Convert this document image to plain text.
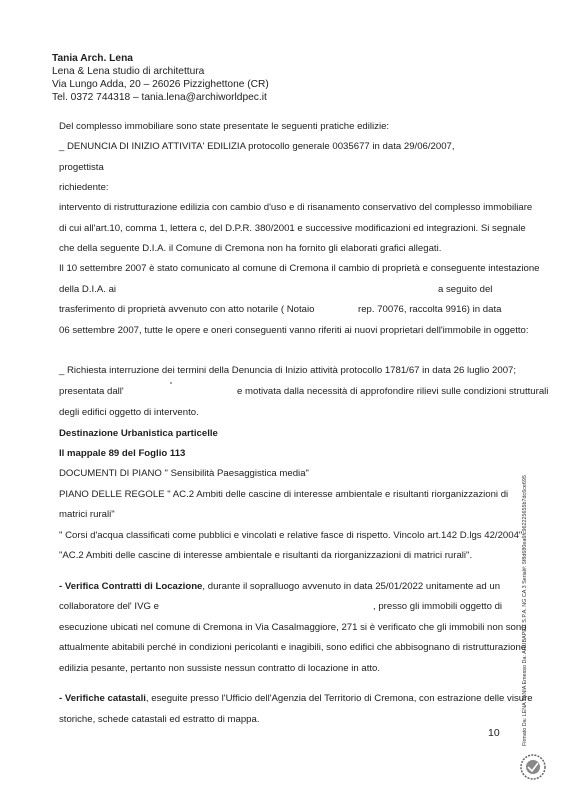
Tania Arch. Lena
Lena & Lena studio di architettura
Via Lungo Adda, 20 – 26026 Pizzighettone (CR)
Tel. 0372 744318 – tania.lena@archiworldpec.it
Del complesso immobiliare sono state presentate le seguenti pratiche edilizie:
_ DENUNCIA DI INIZIO ATTIVITA' EDILIZIA protocollo generale 0035677 in data 29/06/2007,
progettista
richiedente:
intervento di ristrutturazione edilizia con cambio d'uso e di risanamento conservativo del complesso immobiliare
di cui all'art.10, comma 1, lettera c, del D.P.R. 380/2001 e successive modificazioni ed integrazioni. Si segnale
che della seguente D.I.A. il Comune di Cremona non ha fornito gli elaborati grafici allegati.
Il 10 settembre 2007 è stato comunicato al comune di Cremona il cambio di proprietà e conseguente intestazione
della D.I.A. ai	a seguito del
trasferimento di proprietà avvenuto con atto notarile ( Notaio	rep. 70076, raccolta 9916) in data
06 settembre 2007, tutte le opere e oneri conseguenti vanno riferiti ai nuovi proprietari dell'immobile in oggetto:
_ Richiesta interruzione dei termini della Denuncia di Inizio attività protocollo 1781/67 in data 26 luglio 2007;
presentata dall'	e motivata dalla necessità di approfondire rilievi sulle condizioni strutturali
degli edifici oggetto di intervento.
Destinazione Urbanistica particelle
Il mappale 89 del Foglio 113
DOCUMENTI DI PIANO " Sensibilità Paesaggistica media"
PIANO DELLE REGOLE " AC.2 Ambiti delle cascine di interesse ambientale e risultanti riorganizzazioni di
matrici rurali"
" Corsi d'acqua classificati come pubblici e vincolati e relative fasce di rispetto. Vincolo art.142 D.lgs 42/2004"
"AC.2 Ambiti delle cascine di interesse ambientale e risultanti da riorganizzazioni di matrici rurali".
- Verifica Contratti di Locazione, durante il sopralluogo avvenuto in data 25/01/2022 unitamente ad un
collaboratore del' IVG e	, presso gli immobili oggetto di
esecuzione ubicati nel comune di Cremona in Via Casalmaggiore, 271 si è verificato che gli immobili non sono
attualmente abitabili perché in condizioni pericolanti e inagibili, sono edifici che abbisognano di ristrutturazione
edilizia pesante, pertanto non sussiste nessun contratto di locazione in atto.
- Verifiche catastali, eseguite presso l'Ufficio dell'Agenzia del Territorio di Cremona, con estrazione delle visure
storiche, schede catastali ed estratto di mappa.
10	Firmato Da: LENA TANIA Emesso Da: ARUBAPEC S.P.A. NG CA 3 Serial#: 5f8d680ea6fc962225655b7dc6ce695
